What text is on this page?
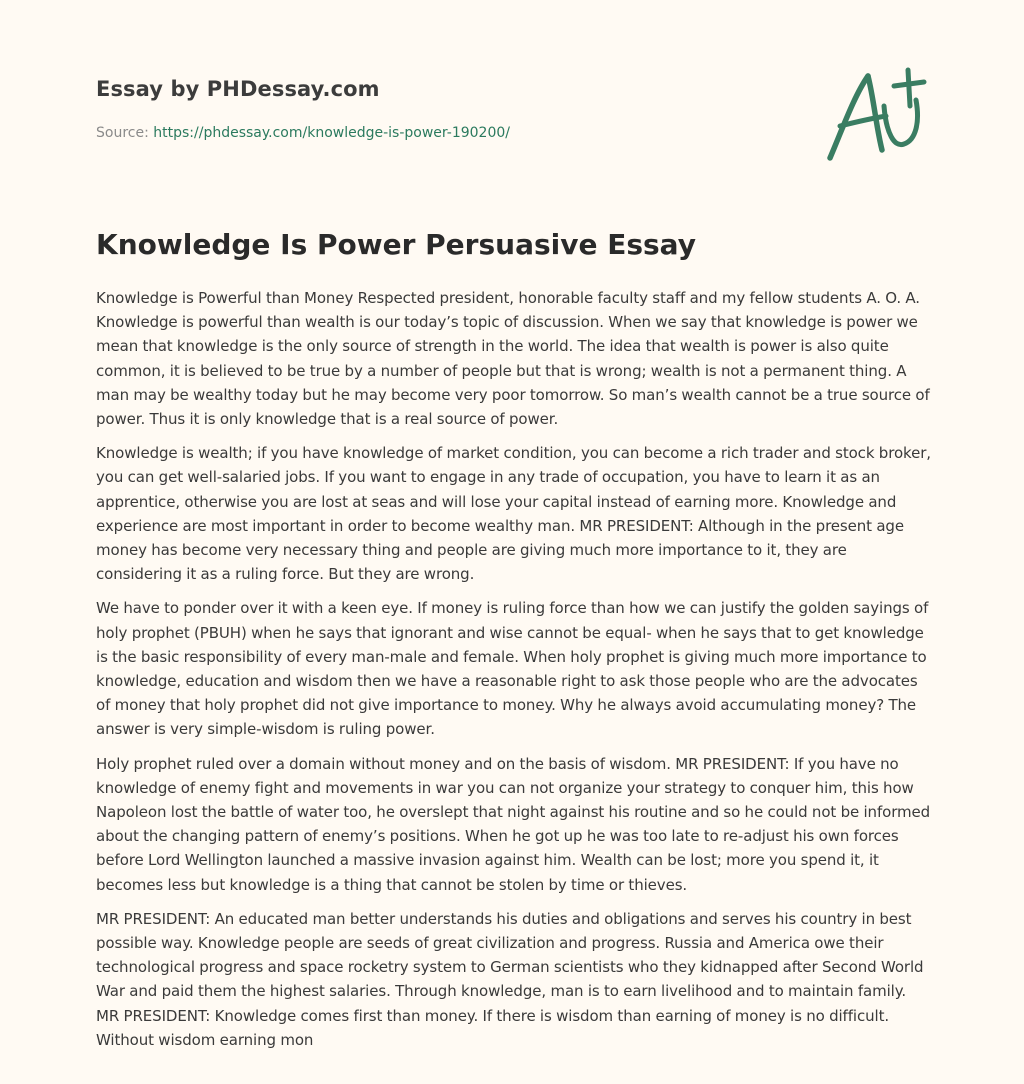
Essay by PHDessay.com
Source: https://phdessay.com/knowledge-is-power-190200/
Knowledge Is Power Persuasive Essay

Knowledge is Powerful than Money Respected president, honorable faculty staff and my fellow students A. O. A. Knowledge is powerful than wealth is our today’s topic of discussion. When we say that knowledge is power we mean that knowledge is the only source of strength in the world. The idea that wealth is power is also quite common, it is believed to be true by a number of people but that is wrong; wealth is not a permanent thing. A man may be wealthy today but he may become very poor tomorrow. So man’s wealth cannot be a true source of power. Thus it is only knowledge that is a real source of power.

Knowledge is wealth; if you have knowledge of market condition, you can become a rich trader and stock broker, you can get well-salaried jobs. If you want to engage in any trade of occupation, you have to learn it as an apprentice, otherwise you are lost at seas and will lose your capital instead of earning more. Knowledge and experience are most important in order to become wealthy man. MR PRESIDENT: Although in the present age money has become very necessary thing and people are giving much more importance to it, they are considering it as a ruling force. But they are wrong.

We have to ponder over it with a keen eye. If money is ruling force than how we can justify the golden sayings of holy prophet (PBUH) when he says that ignorant and wise cannot be equal- when he says that to get knowledge is the basic responsibility of every man-male and female. When holy prophet is giving much more importance to knowledge, education and wisdom then we have a reasonable right to ask those people who are the advocates of money that holy prophet did not give importance to money. Why he always avoid accumulating money? The answer is very simple-wisdom is ruling power.

Holy prophet ruled over a domain without money and on the basis of wisdom. MR PRESIDENT: If you have no knowledge of enemy fight and movements in war you can not organize your strategy to conquer him, this how Napoleon lost the battle of water too, he overslept that night against his routine and so he could not be informed about the changing pattern of enemy’s positions. When he got up he was too late to re-adjust his own forces before Lord Wellington launched a massive invasion against him. Wealth can be lost; more you spend it, it becomes less but knowledge is a thing that cannot be stolen by time or thieves.

MR PRESIDENT: An educated man better understands his duties and obligations and serves his country in best possible way. Knowledge people are seeds of great civilization and progress. Russia and America owe their technological progress and space rocketry system to German scientists who they kidnapped after Second World War and paid them the highest salaries. Through knowledge, man is to earn livelihood and to maintain family. MR PRESIDENT: Knowledge comes first than money. If there is wisdom than earning of money is no difficult. Without wisdom earning mon
